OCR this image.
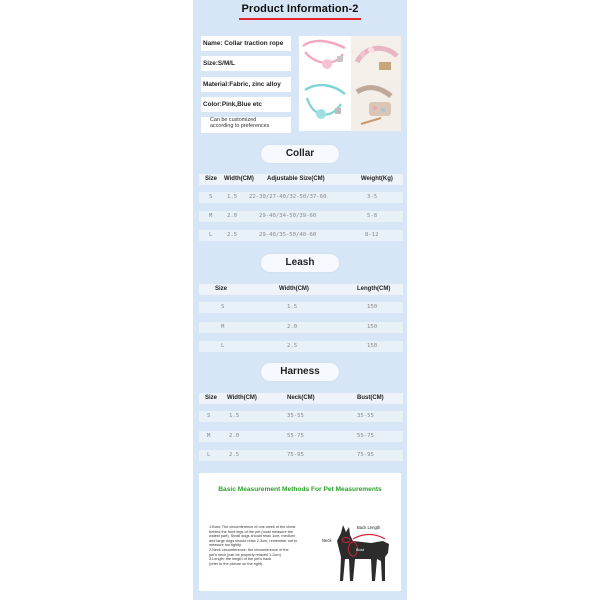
Product Information-2
Name: Collar traction rope
Size:S/M/L
Material:Fabric, zinc alloy
Color:Pink,Blue etc
Can be customized
according to preferences
Collar
Size Width(CM) Adjustable Size(CM)	Weight(Kg)
S	1.5 22-30/27-40/32-50/37-60	3-5
M	2.0	29-40/34-50/39-60	5-8
L	2.5	29-40/35-50/40-60	8-12
Leash
Size	Width(CM)	Length(CM)
S	1.5	150
M	2.0	150
L	2.5	150
Harness
Size Width(CM)	Neck(CM)	Bust(CM)
S	1.5	35-55	35-55
M	2.0	55-75	55-75
L	2.5	75-95	75-95
Basic Measurement Methods For Pet Measurements
1.Bust: The circumference of one week of the chest
behind the front legs of the pet (must measure the
widest part). Small dogs should relax 1cm, medium
and large dogs should relax 2-3cm, remember not to
measure too tightly.
2.Neck circumference: the circumference of the
pet's neck (can be properly relaxed 1-2cm)
3.Length: the length of the pet's back
(refer to the picture on the right)
Back Length
Neck
Bust
